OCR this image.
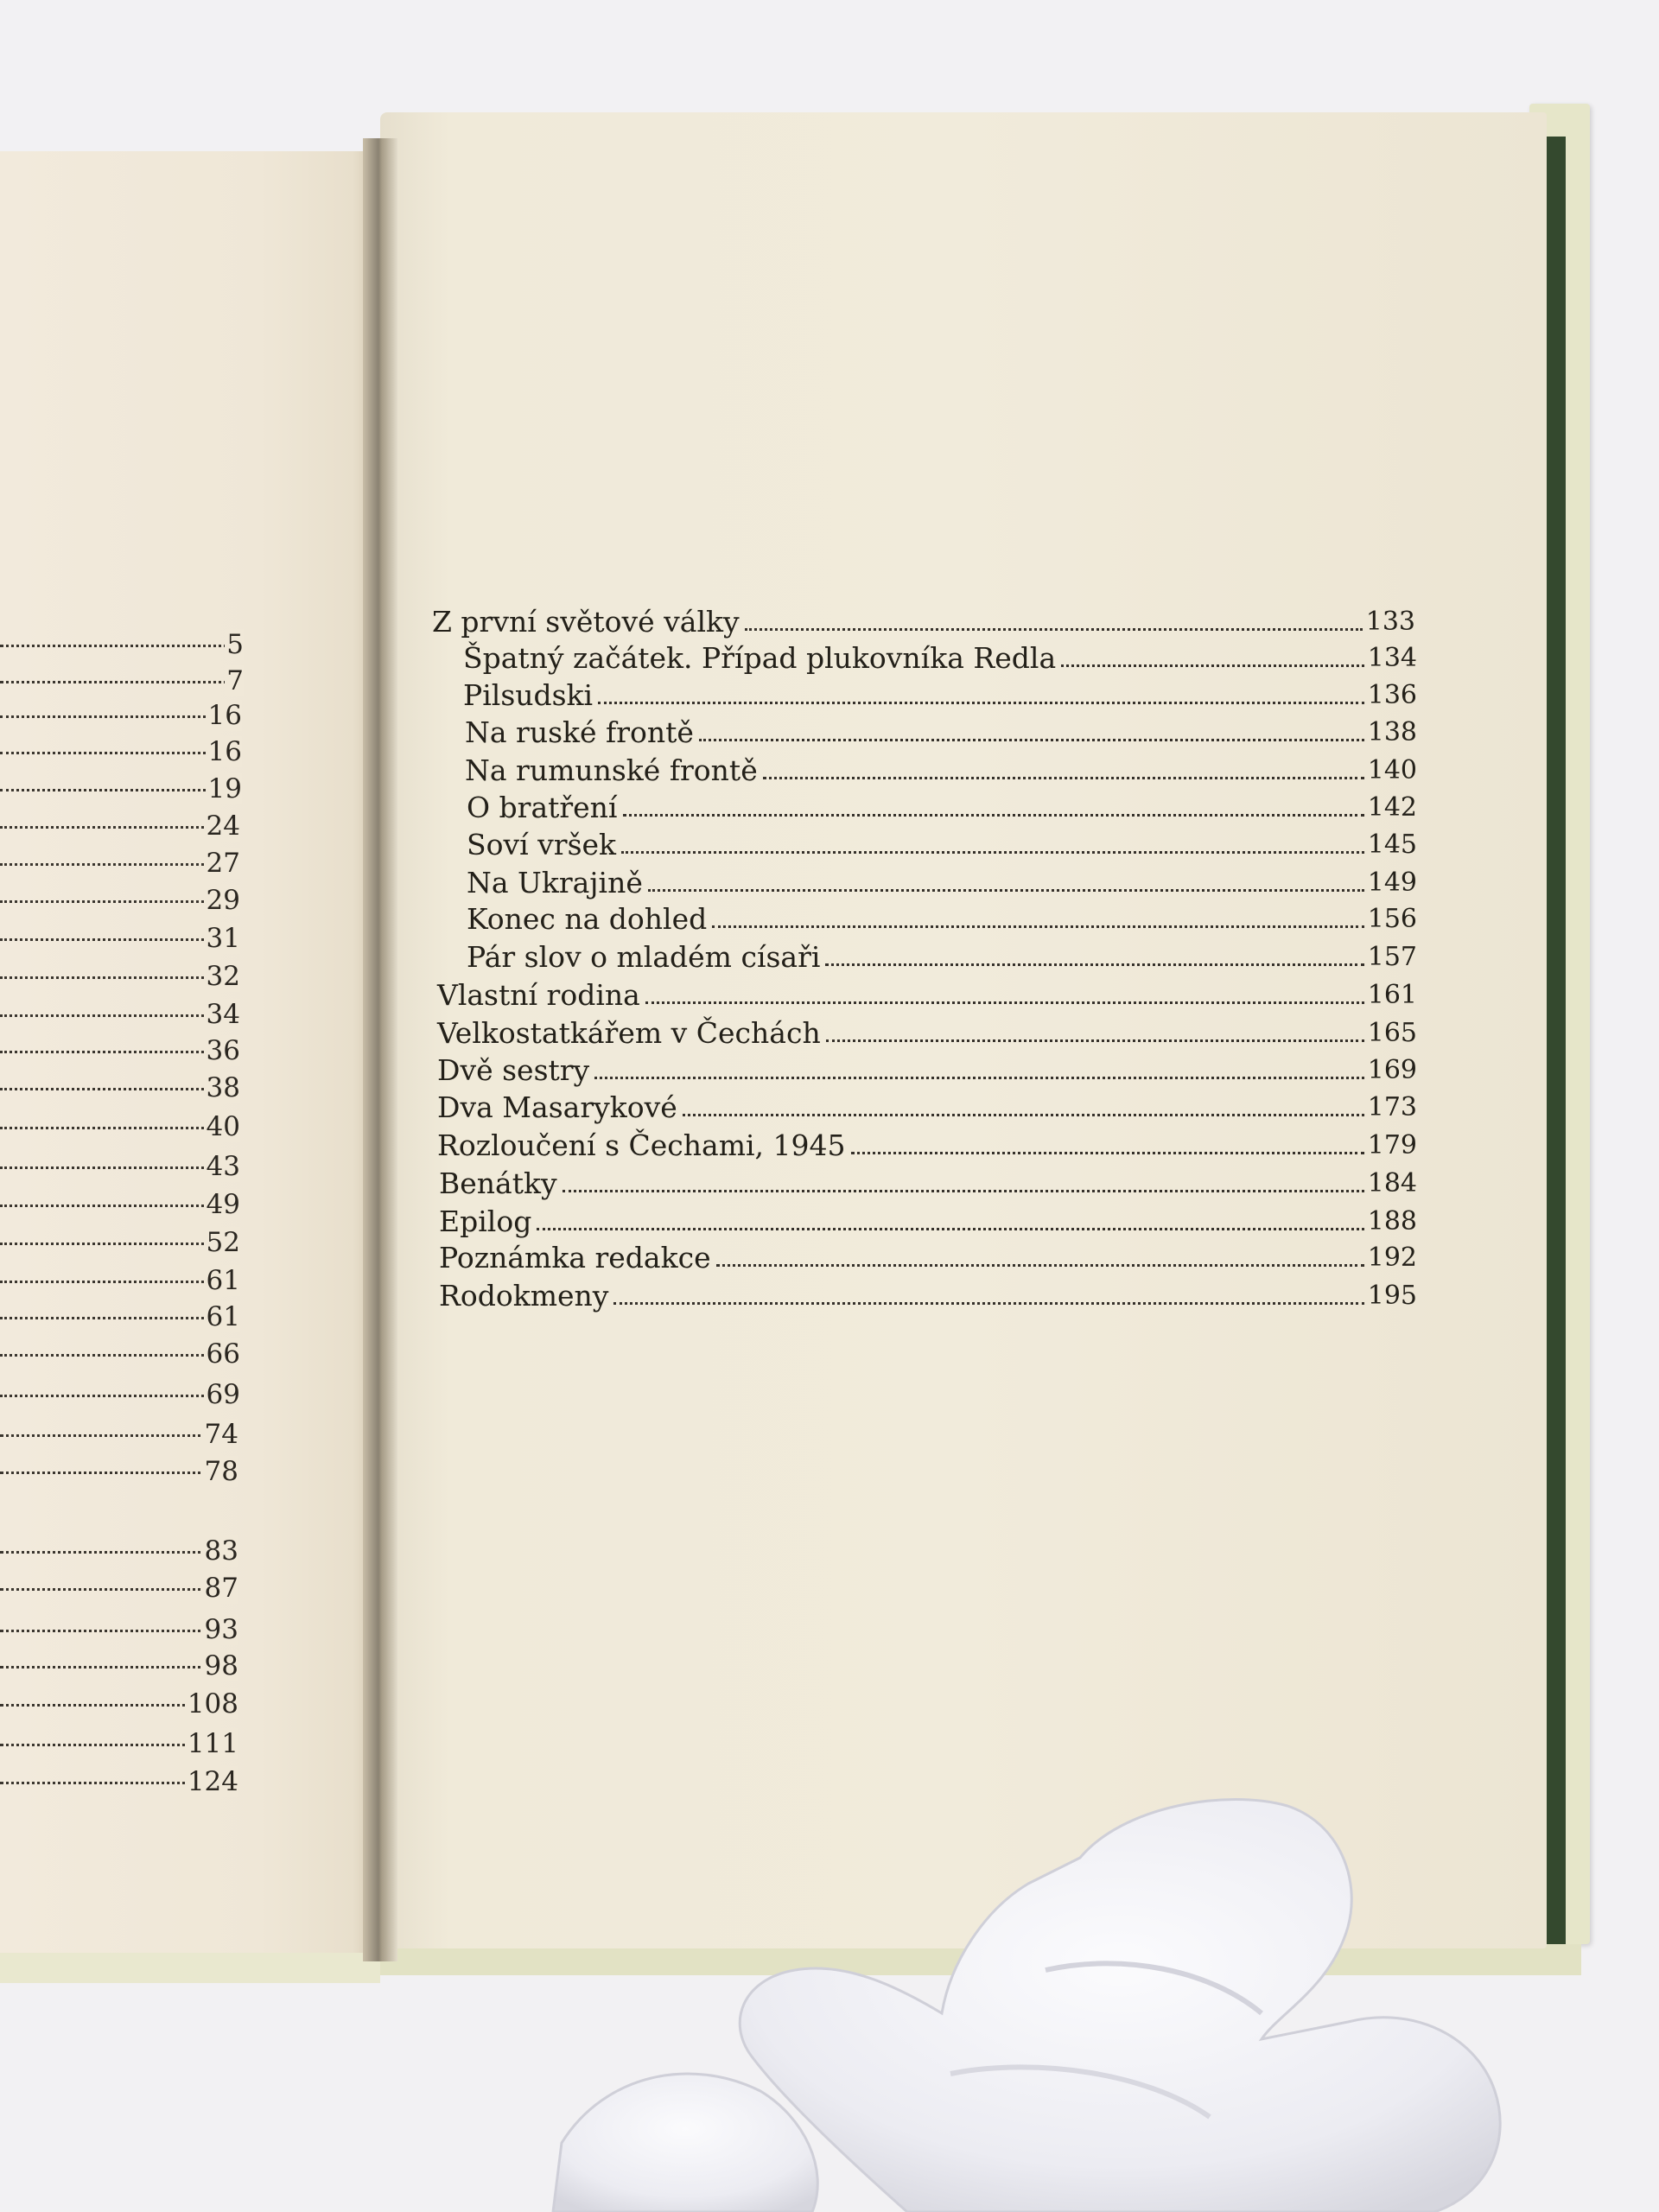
5
7
16
16
19
24
27
29
31
32
34
36
38
40
43
49
52
61
61
66
69
74
78
83
87
93
98
108
111
124
Z první světové války	133
Špatný začátek. Případ plukovníka Redla	134
Pilsudski	136
Na ruské frontě	138
Na rumunské frontě	140
O bratření	142
Soví vršek	145
Na Ukrajině	149
Konec na dohled	156
Pár slov o mladém císaři	157
Vlastní rodina	161
Velkostatkářem v Čechách	165
Dvě sestry	169
Dva Masarykové	173
Rozloučení s Čechami, 1945	179
Benátky	184
Epilog	188
Poznámka redakce	192
Rodokmeny	195
